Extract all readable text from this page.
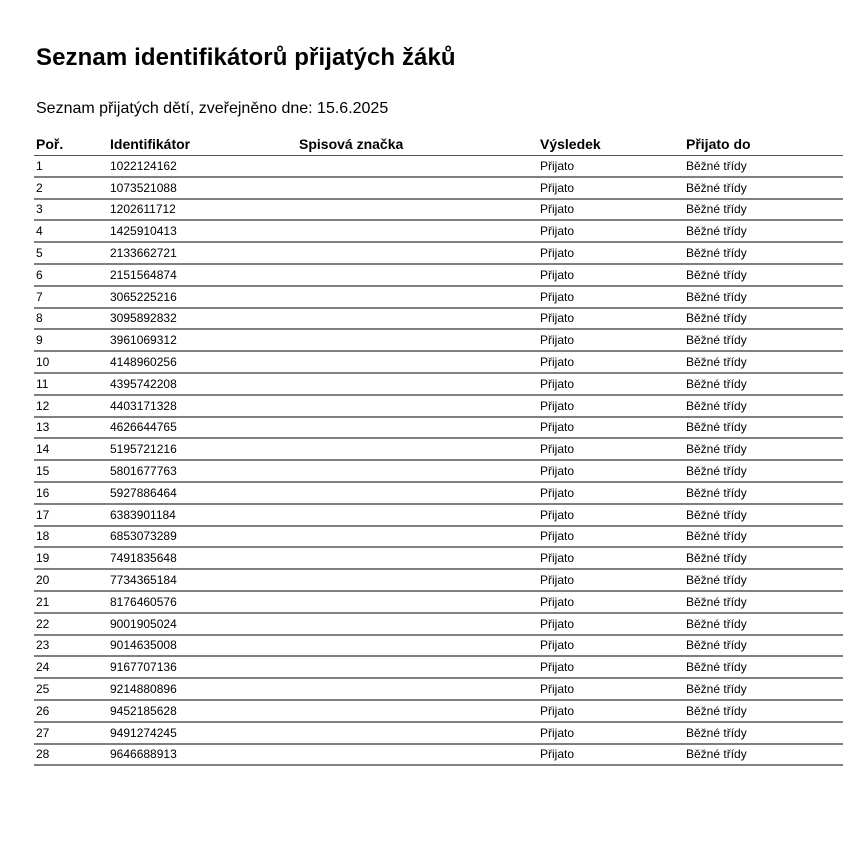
Seznam identifikátorů přijatých žáků

Seznam přijatých dětí, zveřejněno dne: 15.6.2025

Poř.	Identifikátor	Spisová značka	Výsledek	Přijato do
1	1022124162		Přijato	Běžné třídy
2	1073521088		Přijato	Běžné třídy
3	1202611712		Přijato	Běžné třídy
4	1425910413		Přijato	Běžné třídy
5	2133662721		Přijato	Běžné třídy
6	2151564874		Přijato	Běžné třídy
7	3065225216		Přijato	Běžné třídy
8	3095892832		Přijato	Běžné třídy
9	3961069312		Přijato	Běžné třídy
10	4148960256		Přijato	Běžné třídy
11	4395742208		Přijato	Běžné třídy
12	4403171328		Přijato	Běžné třídy
13	4626644765		Přijato	Běžné třídy
14	5195721216		Přijato	Běžné třídy
15	5801677763		Přijato	Běžné třídy
16	5927886464		Přijato	Běžné třídy
17	6383901184		Přijato	Běžné třídy
18	6853073289		Přijato	Běžné třídy
19	7491835648		Přijato	Běžné třídy
20	7734365184		Přijato	Běžné třídy
21	8176460576		Přijato	Běžné třídy
22	9001905024		Přijato	Běžné třídy
23	9014635008		Přijato	Běžné třídy
24	9167707136		Přijato	Běžné třídy
25	9214880896		Přijato	Běžné třídy
26	9452185628		Přijato	Běžné třídy
27	9491274245		Přijato	Běžné třídy
28	9646688913		Přijato	Běžné třídy
